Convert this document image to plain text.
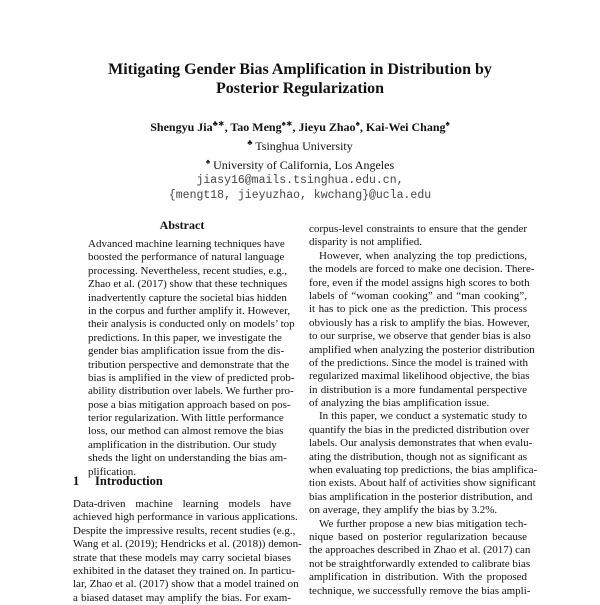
Mitigating Gender Bias Amplification in Distribution by
Posterior Regularization
Shengyu Jia♣∗, Tao Meng♠∗, Jieyu Zhao♠, Kai-Wei Chang♠
♣ Tsinghua University
♠ University of California, Los Angeles
jiasy16@mails.tsinghua.edu.cn,
{mengt18, jieyuzhao, kwchang}@ucla.edu
Abstract
Advanced machine learning techniques have
boosted the performance of natural language
processing. Nevertheless, recent studies, e.g.,
Zhao et al. (2017) show that these techniques
inadvertently capture the societal bias hidden
in the corpus and further amplify it. However,
their analysis is conducted only on models’ top
predictions. In this paper, we investigate the
gender bias amplification issue from the dis-
tribution perspective and demonstrate that the
bias is amplified in the view of predicted prob-
ability distribution over labels. We further pro-
pose a bias mitigation approach based on pos-
terior regularization. With little performance
loss, our method can almost remove the bias
amplification in the distribution. Our study
sheds the light on understanding the bias am-
plification.
1 Introduction
Data-driven machine learning models have
achieved high performance in various applications.
Despite the impressive results, recent studies (e.g.,
Wang et al. (2019); Hendricks et al. (2018)) demon-
strate that these models may carry societal biases
exhibited in the dataset they trained on. In particu-
lar, Zhao et al. (2017) show that a model trained on
a biased dataset may amplify the bias. For exam-
corpus-level constraints to ensure that the gender
disparity is not amplified.
However, when analyzing the top predictions,
the models are forced to make one decision. There-
fore, even if the model assigns high scores to both
labels of “woman cooking” and “man cooking”,
it has to pick one as the prediction. This process
obviously has a risk to amplify the bias. However,
to our surprise, we observe that gender bias is also
amplified when analyzing the posterior distribution
of the predictions. Since the model is trained with
regularized maximal likelihood objective, the bias
in distribution is a more fundamental perspective
of analyzing the bias amplification issue.
In this paper, we conduct a systematic study to
quantify the bias in the predicted distribution over
labels. Our analysis demonstrates that when evalu-
ating the distribution, though not as significant as
when evaluating top predictions, the bias amplifica-
tion exists. About half of activities show significant
bias amplification in the posterior distribution, and
on average, they amplify the bias by 3.2%.
We further propose a new bias mitigation tech-
nique based on posterior regularization because
the approaches described in Zhao et al. (2017) can
not be straightforwardly extended to calibrate bias
amplification in distribution. With the proposed
technique, we successfully remove the bias ampli-
